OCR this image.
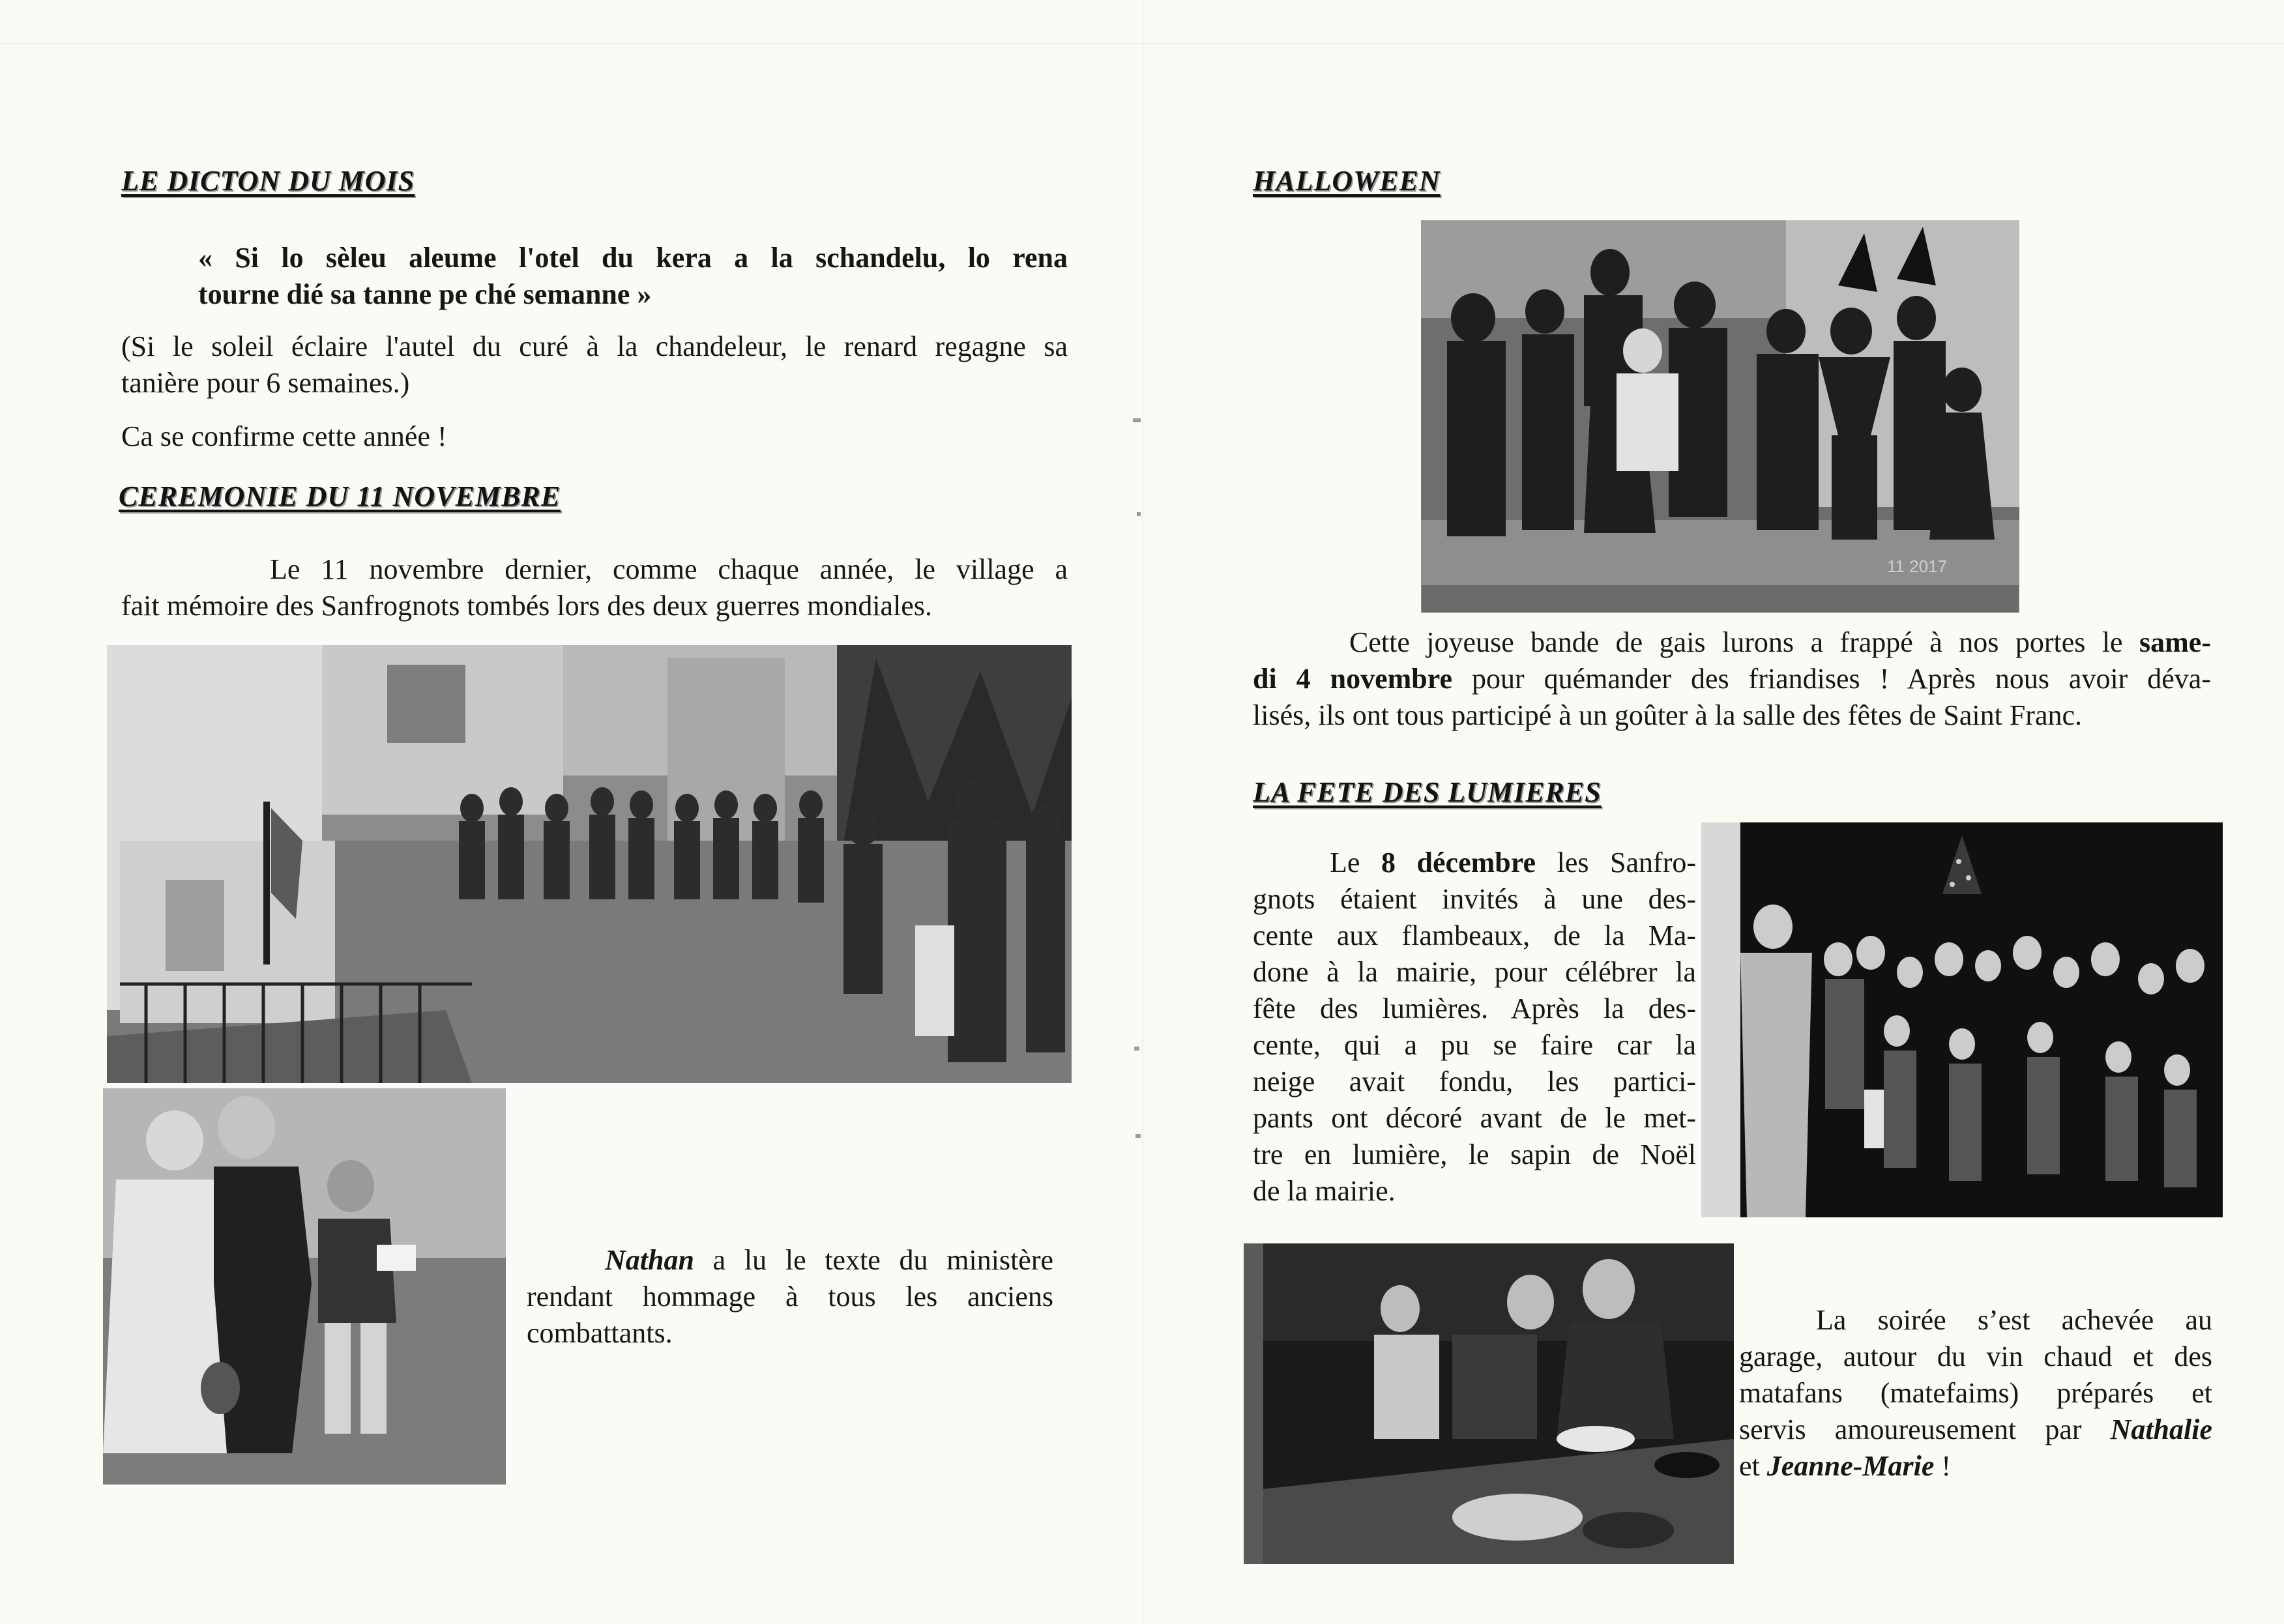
LE DICTON DU MOIS

« Si lo sèleu aleume l'otel du kera a la schandelu, lo rena

tourne dié sa tanne pe ché semanne »

(Si le soleil éclaire l'autel du curé à la chandeleur, le renard regagne sa

tanière pour 6 semaines.)

Ca se confirme cette année !
CEREMONIE DU 11 NOVEMBRE

Le 11 novembre dernier, comme chaque année, le village a

fait mémoire des Sanfrognots tombés lors des deux guerres mondiales.

Nathan a lu le texte du ministère

rendant hommage à tous les anciens

combattants.

HALLOWEEN
11 2017

Cette joyeuse bande de gais lurons a frappé à nos portes le same-

di 4 novembre pour quémander des friandises ! Après nous avoir déva-

lisés, ils ont tous participé à un goûter à la salle des fêtes de Saint Franc.

LA FETE DES LUMIERES

Le 8 décembre les Sanfro-

gnots étaient invités à une des-

cente aux flambeaux, de la Ma-

done à la mairie, pour célébrer la

fête des lumières. Après la des-

cente, qui a pu se faire car la

neige avait fondu, les partici-

pants ont décoré avant de le met-

tre en lumière, le sapin de Noël

de la mairie.

La soirée s’est achevée au

garage, autour du vin chaud et des

matafans (matefaims) préparés et

servis amoureusement par Nathalie

et Jeanne-Marie !
